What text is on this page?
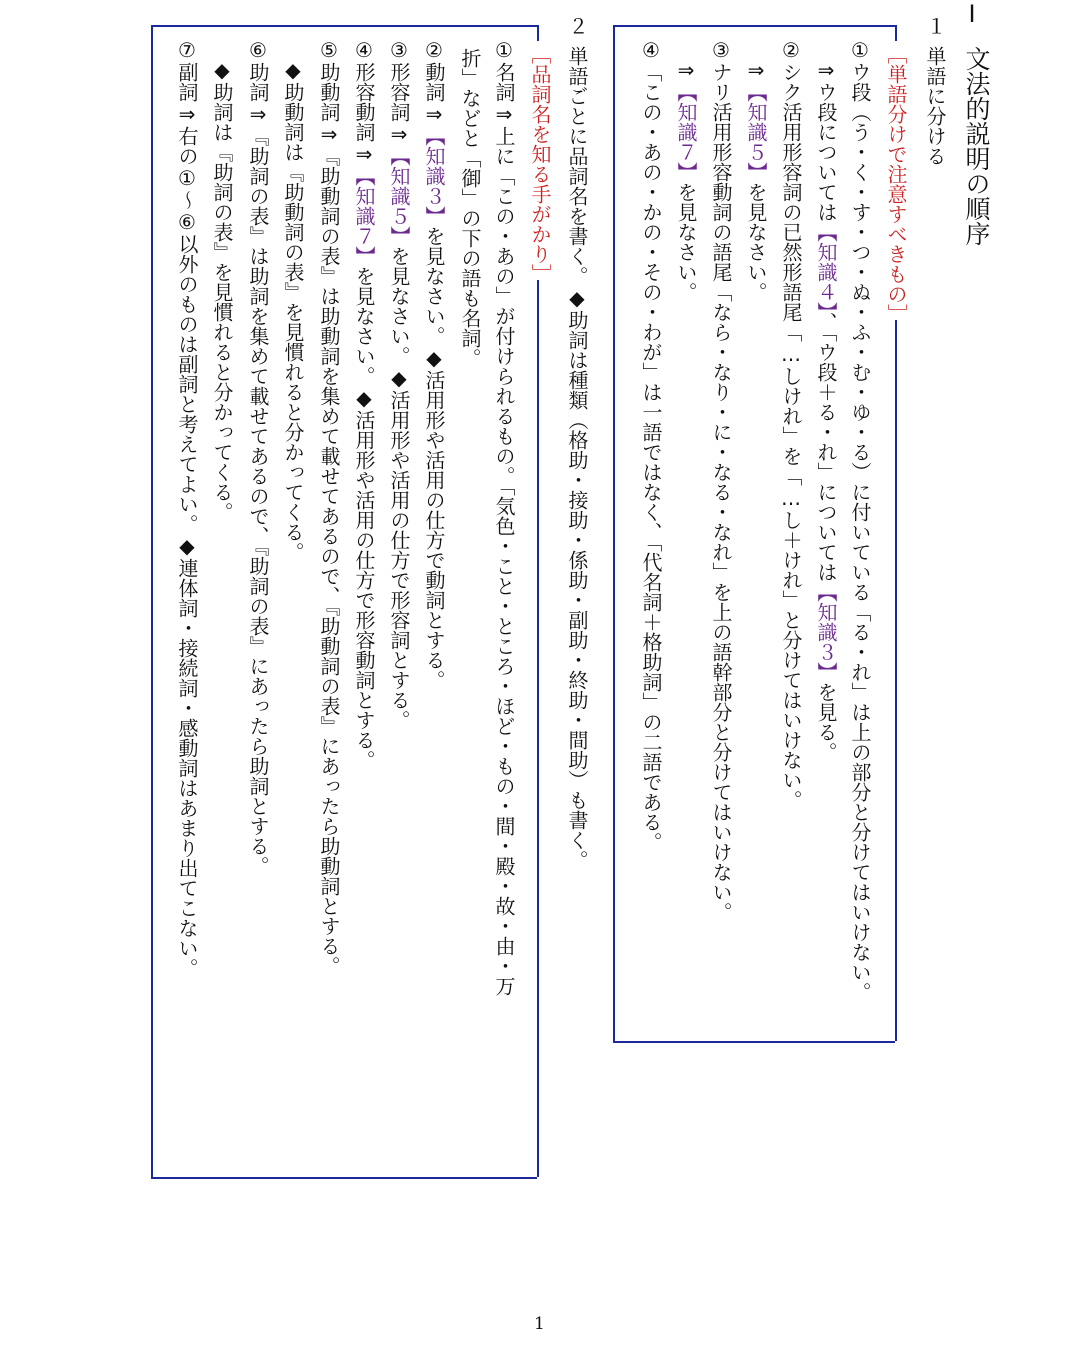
Ⅰ
文法的説明の順序
１
単語に分ける
［単語分けで注意すべきもの］
①ウ段（う・く・す・つ・ぬ・ふ・む・ゆ・る）に付いている「る・れ」は上の部分と分けてはいけない。
⇒ウ段については【知識４】、「ウ段＋る・れ」については【知識３】を見る。
②シク活用形容詞の已然形語尾「…しけれ」を「…し＋けれ」と分けてはいけない。
⇒【知識５】を見なさい。
③ナリ活用形容動詞の語尾「なら・なり・に・なる・なれ」を上の語幹部分と分けてはいけない。
⇒【知識７】を見なさい。
④「この・あの・かの・その・わが」は一語ではなく、「代名詞＋格助詞」の二語である。
２
単語ごとに品詞名を書く。◆助詞は種類（格助・接助・係助・副助・終助・間助）も書く。
［品詞名を知る手がかり］
①名詞⇒上に「この・あの」が付けられるもの。「気色・こと・ところ・ほど・もの・間・殿・故・由・万
折」などと「御」の下の語も名詞。
②動詞⇒【知識３】を見なさい。◆活用形や活用の仕方で動詞とする。
③形容詞⇒【知識５】を見なさい。◆活用形や活用の仕方で形容詞とする。
④形容動詞⇒【知識７】を見なさい。◆活用形や活用の仕方で形容動詞とする。
⑤助動詞⇒『助動詞の表』は助動詞を集めて載せてあるので、『助動詞の表』にあったら助動詞とする。
◆助動詞は『助動詞の表』を見慣れると分かってくる。
⑥助詞⇒『助詞の表』は助詞を集めて載せてあるので、『助詞の表』にあったら助詞とする。
◆助詞は『助詞の表』を見慣れると分かってくる。
⑦副詞⇒右の①〜⑥以外のものは副詞と考えてよい。◆連体詞・接続詞・感動詞はあまり出てこない。
1
